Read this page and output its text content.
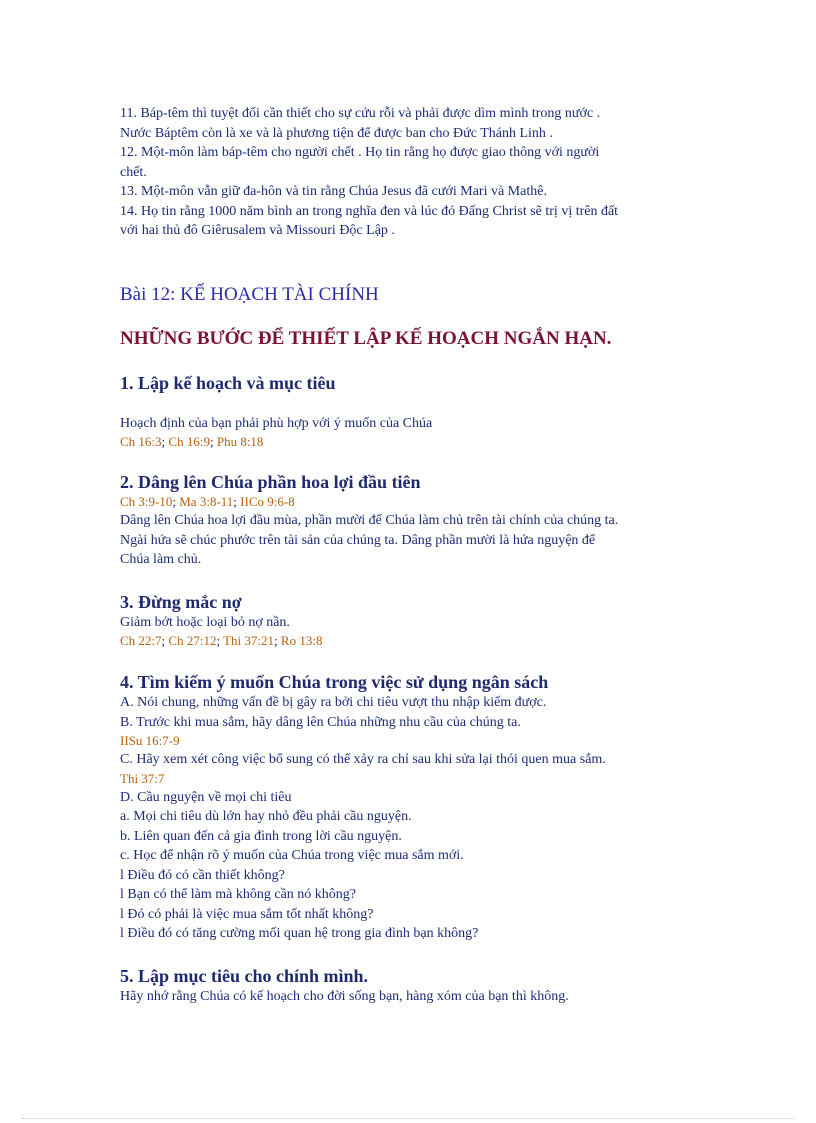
11. Báp-têm thì tuyệt đối cần thiết cho sự cứu rỗi và phải được dìm mình trong nước .

Nước Báptêm còn là xe và là phương tiện để được ban cho Đức Thánh Linh .

12. Một-môn làm báp-têm cho người chết . Họ tin rằng họ được giao thông với người

chết.

13. Một-môn vẫn giữ đa-hôn và tin rằng Chúa Jesus đã cưới Mari và Mathê.

14. Họ tin rằng 1000 năm bình an trong nghĩa đen và lúc đó Đấng Christ sẽ trị vị trên đất

với hai thủ đô Giêrusalem và Missouri Độc Lập .

Bài 12: KẾ HOẠCH TÀI CHÍNH
NHỮNG BƯỚC ĐỂ THIẾT LẬP KẾ HOẠCH NGẮN HẠN.
1. Lập kế hoạch và mục tiêu

Hoạch định của bạn phải phù hợp với ý muốn của Chúa

Ch 16:3; Ch 16:9; Phu 8:18

2. Dâng lên Chúa phần hoa lợi đầu tiên

Ch 3:9-10; Ma 3:8-11; IICo 9:6-8

Dâng lên Chúa hoa lợi đầu mùa, phần mười để Chúa làm chủ trên tài chính của chúng ta.

Ngài hứa sẽ chúc phước trên tài sản của chúng ta. Dâng phần mười là hứa nguyện để

Chúa làm chủ.

3. Đừng mắc nợ

Giảm bớt hoặc loại bỏ nợ nần.

Ch 22:7; Ch 27:12; Thi 37:21; Ro 13:8

4. Tìm kiếm ý muốn Chúa trong việc sử dụng ngân sách

A. Nói chung, những vấn đề bị gây ra bởi chi tiêu vượt thu nhập kiếm được.

B. Trước khi mua sắm, hãy dâng lên Chúa những nhu cầu của chúng ta.

IISu 16:7-9

C. Hãy xem xét công việc bổ sung có thể xảy ra chỉ sau khi sửa lại thói quen mua sắm.

Thi 37:7

D. Cầu nguyện về mọi chi tiêu

a. Mọi chi tiêu dù lớn hay nhỏ đều phải cầu nguyện.

b. Liên quan đến cả gia đình trong lời cầu nguyện.

c. Học để nhận rõ ý muốn của Chúa trong việc mua sắm mới.

l Điều đó có cần thiết không?

l Bạn có thể làm mà không cần nó không?

l Đó có phải là việc mua sắm tốt nhất không?

l Điều đó có tăng cường mối quan hệ trong gia đình bạn không?

5. Lập mục tiêu cho chính mình.

Hãy nhớ rằng Chúa có kế hoạch cho đời sống bạn, hàng xóm của bạn thì không.
